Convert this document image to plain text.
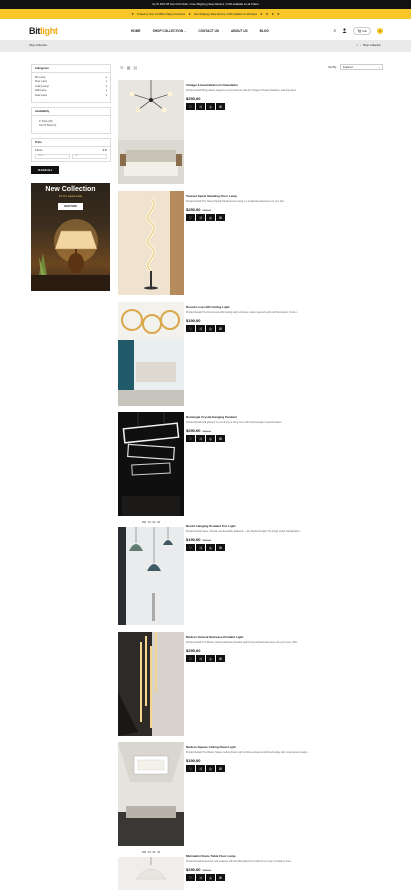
Up To 20% Off Your First Order • Free Shipping | Easy Returns | COD Available on all Orders
★ Trusted by Over 1.5 Million Happy Customers ★ Free Shipping | Easy Returns | COD Available on all Orders ★ ★ ★ ★
Bitlight	HOME	SHOP COLLECTION⌄	CONTACT US	ABOUT US	BLOG	⌕	Cart	0
Shop Collection	⌂ › Shop Collection
Categories
Bar Lamp	▾
Floor Lamp	▾
Ceiling Lamp	▾
Wall Lamp	▾
Desk Lamp	▾
Availability
In Stock (30)
Out Of Stock (0)
Price
0 From	$ To
From	To
CLEAR ALL
New Collection
For The Lasted Looks
SHOP NOW
☰ ▦ ▤	Sort By:	Featured	⌄
Vintage 6-Head Bedroom Chandelier
Product Details Bring classic elegance to your bedroom with this Vintage 6-Head Chandelier, featuring warm...
$250.00
♡	⤨	◎	⊞
Twisted Spiral Standing Floor Lamp
Product Details The Twisted Spiral Standing Floor Lamp is a sculptural masterpiece for your hob...
$250.00 $300.00
♡	⤨	◎	⊞
Round Loop LED Ceiling Light
Product Details The Round Loop LED Ceiling Light combines modern geometry with soft illumination. Perfect...
$190.00
♡	⤨	◎	⊞
Rectangle Crystal Hanging Pendant
Product Details Add glamour to your dining or living room with this Rectangle Crystal Pendant...
$290.00 $350.00
♡	⤨	◎	⊞
202 : 19 : 04 : 32
Nordic Hanging Pendant Trio Light
Product Details Sleek, minimal, and beautifully balanced — this Nordic Pendant Trio brings stylish sophistication...
$190.00 $250.00
♡	⤨	◎	⊞
Modern Vertical Staircase Pendant Light
Product Details The Modern Vertical Staircase Pendant Light brings architectural beauty into your home. With...
$290.00
♡	⤨	◎	⊞
Modern Square Ceiling Panel Light
Product Details The Modern Square Ceiling Panel Light combines advanced LED technology with contemporary design...
$190.00
♡	⤨	◎	⊞
202 : 19 : 04 : 32
Minimalist Dome Table Floor Lamp
Product Details Experience soft elegance with this Minimalist Dome Table Floor Lamp. Its balance lines...
$290.00 $350.00
♡	⤨	◎	⊞
